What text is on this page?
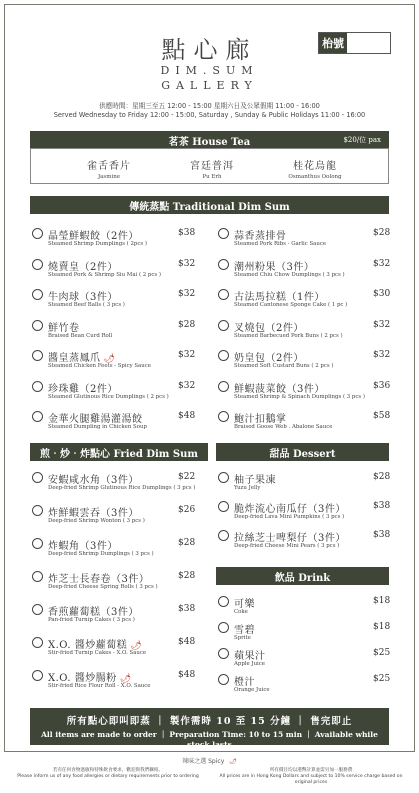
點心廊
DIM.SUM
GALLERY
枱號
供應時間：星期三至五 12:00 - 15:00 星期六日及公眾假期 11:00 - 16:00
Served Wednesday to Friday 12:00 - 15:00, Saturday , Sunday & Public Holidays 11:00 - 16:00
茗茶 House Tea	$20/位 pax
雀舌香片
Jasmine
宮廷普洱
Pu Erh
桂花烏龍
Osmanthus Oolong
傳統蒸點 Traditional Dim Sum
晶瑩鮮蝦餃（2件）
Steamed Shrimp Dumplings ( 2pcs )
$38
燒賣皇（2件）
Steamed Pork & Shrimp Siu Mai ( 2 pcs )
$32
牛肉球（3件）
Steamed Beef Balls ( 3 pcs )
$32
鮮竹卷
Braised Bean Curd Roll
$28
醬皇蒸鳳爪 🌶
Steamed Chicken Feets - Spicy Sauce
$32
珍珠雞（2件）
Steamed Glutinous Rice Dumplings ( 2 pcs )
$32
金華火腿雞湯灌湯餃
Steamed Dumpling in Chicken Soup
$48
蒜香蒸排骨
Steamed Pork Ribs - Garlic Sauce
$28
潮州粉果（3件）
Steamed Chiu Chow Dumplings ( 3 pcs )
$32
古法馬拉糕（1件）
Steamed Cantonese Sponge Cake ( 1 pc )
$30
叉燒包（2件）
Steamed Barbecued Pork Buns ( 2 pcs )
$32
奶皇包（2件）
Steamed Soft Custard Buns ( 2 pcs )
$32
鮮蝦菠菜餃（3件）
Steamed Shrimp & Spinach Dumplings ( 3 pcs )
$36
鮑汁扣鵝掌
Braised Goose Web . Abalone Sauce
$58
煎‧炒‧炸點心 Fried Dim Sum
安蝦咸水角（3件）
Deep-fried Shrimp Glutinous Rice Dumplings ( 3 pcs )
$22
炸鮮蝦雲吞（3件）
Deep-fried Shrimp Wonton ( 3 pcs )
$26
炸蝦角（3件）
Deep-fried Shrimp Dumplings ( 3 pcs )
$28
炸芝士長春卷（3件）
Deep-fried Cheese Spring Rolls ( 3 pcs )
$28
香煎蘿蔔糕（3件）
Pan-fried Turnip Cakes ( 3 pcs )
$38
X.O. 醬炒蘿蔔糕 🌶
Stir-fried Turnip Cakes - X.O. Sauce
$48
X.O. 醬炒腸粉 🌶
Stir-fried Rice Flour Roll - X.O. Sauce
$48
甜品 Dessert
柚子果凍
Yuzu Jelly
$28
脆炸流心南瓜仔（3件）
Deep-fried Lava Mini Pumpkins ( 3 pcs )
$38
拉絲芝士啤梨仔（3件）
Deep-fried Cheese Mini Pears ( 3 pcs )
$38
飲品 Drink
可樂
Coke
$18
雪碧
Sprite
$18
蘋果汁
Apple Juice
$25
橙汁
Orange Juice
$25
所有點心即叫即蒸 ｜ 製作需時 10 至 15 分鐘 ｜ 售完即止
All items are made to order ｜ Preparation Time: 10 to 15 min ｜ Available while stock lasts
辣味之選 Spicy 🌶
若有任何食物過敏和特殊飲食要求，歡迎與我們聯絡。
Please inform us of any food allergies or dietary requirements prior to ordering
所有價目均以港幣計算並需另加一服務費
All prices are in Hong Kong Dollars and subject to 10% service charge based on original prices
